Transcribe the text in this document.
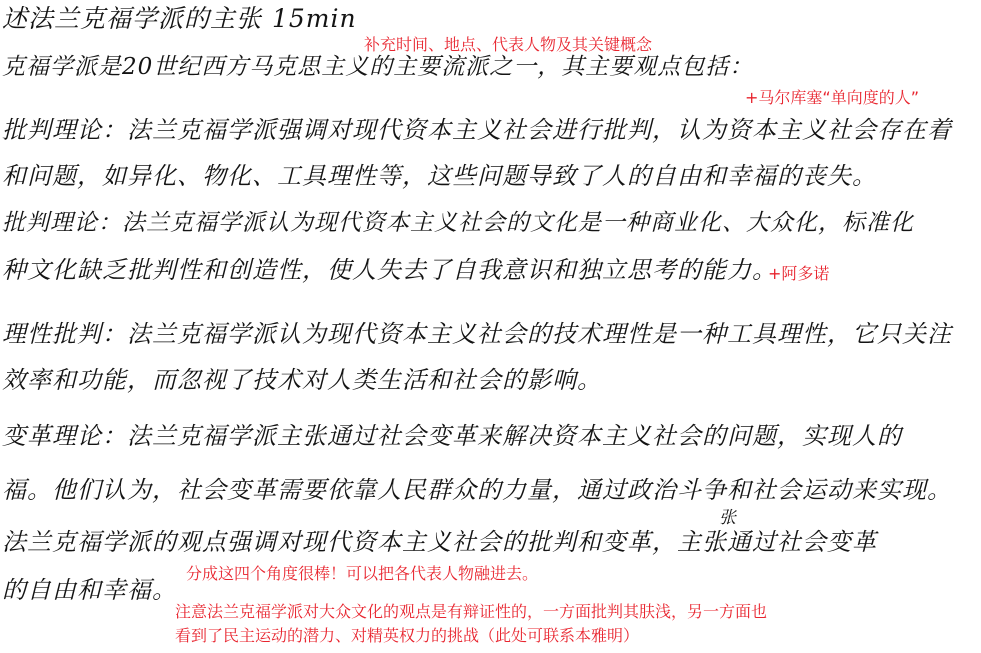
述法兰克福学派的主张 15min
补充时间、地点、代表人物及其关键概念
克福学派是20世纪西方马克思主义的主要流派之一，其主要观点包括：
+马尔库塞“单向度的人”
批判理论：法兰克福学派强调对现代资本主义社会进行批判，认为资本主义社会存在着
和问题，如异化、物化、工具理性等，这些问题导致了人的自由和幸福的丧失。
批判理论：法兰克福学派认为现代资本主义社会的文化是一种商业化、大众化，标准化
种文化缺乏批判性和创造性，使人失去了自我意识和独立思考的能力。
+阿多诺
理性批判：法兰克福学派认为现代资本主义社会的技术理性是一种工具理性，它只关注
效率和功能，而忽视了技术对人类生活和社会的影响。
变革理论：法兰克福学派主张通过社会变革来解决资本主义社会的问题，实现人的
福。他们认为，社会变革需要依靠人民群众的力量，通过政治斗争和社会运动来实现。
张
法兰克福学派的观点强调对现代资本主义社会的批判和变革，主张通过社会变革
分成这四个角度很棒！可以把各代表人物融进去。
的自由和幸福。
注意法兰克福学派对大众文化的观点是有辩证性的，一方面批判其肤浅，另一方面也
看到了民主运动的潜力、对精英权力的挑战（此处可联系本雅明）
